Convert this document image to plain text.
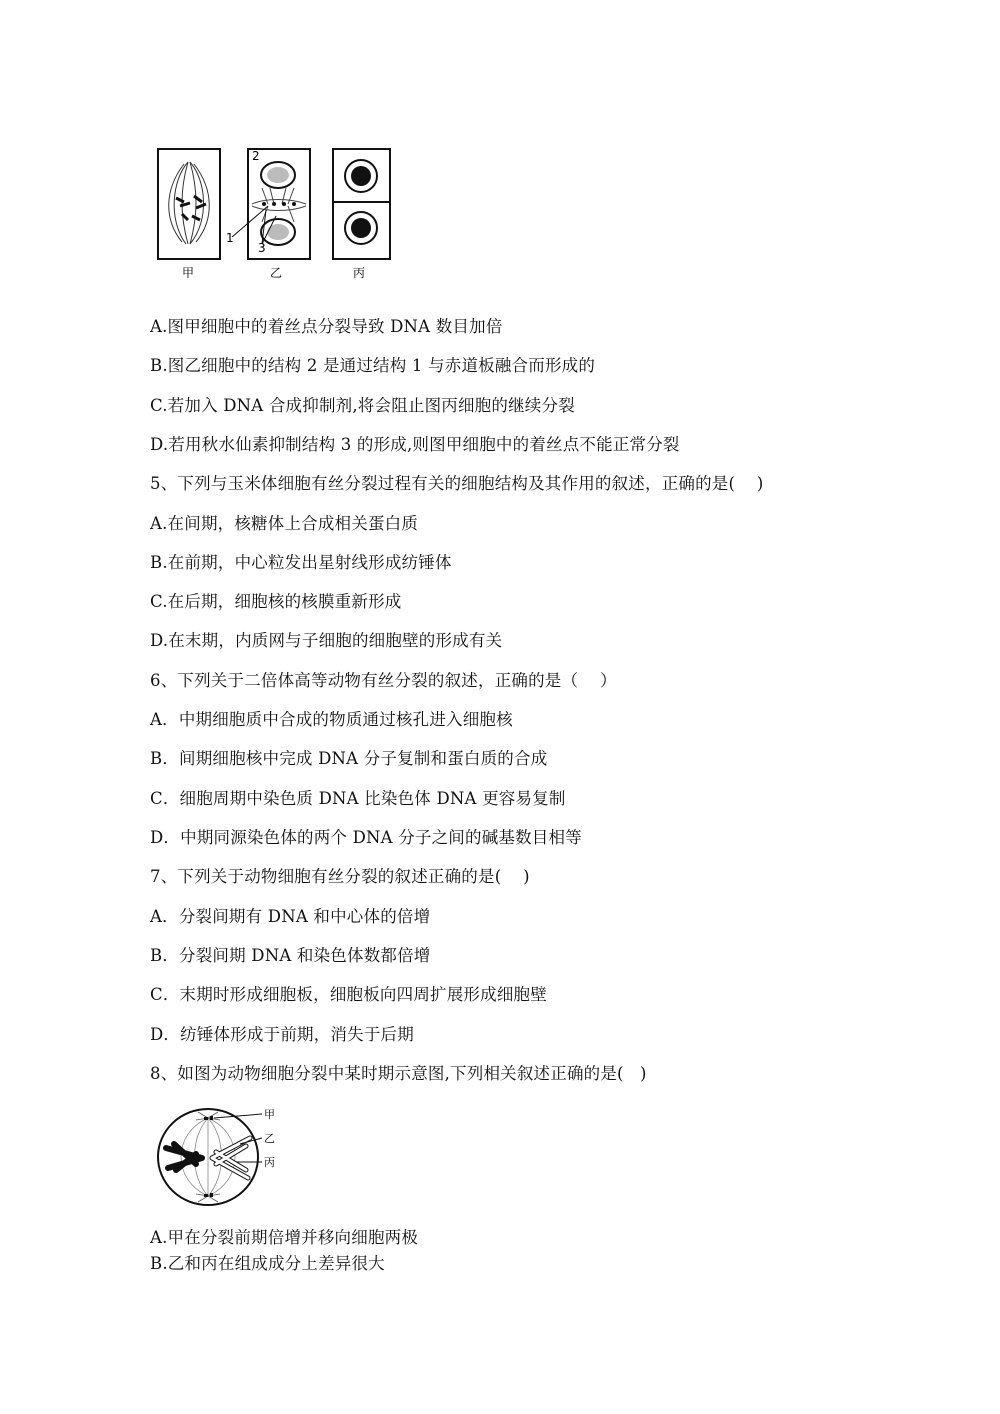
2
1
3
甲	乙	丙
A.图甲细胞中的着丝点分裂导致 DNA 数目加倍
B.图乙细胞中的结构 2 是通过结构 1 与赤道板融合而形成的
C.若加入 DNA 合成抑制剂,将会阻止图丙细胞的继续分裂
D.若用秋水仙素抑制结构 3 的形成,则图甲细胞中的着丝点不能正常分裂
5、下列与玉米体细胞有丝分裂过程有关的细胞结构及其作用的叙述，正确的是(    )
A.在间期，核糖体上合成相关蛋白质
B.在前期，中心粒发出星射线形成纺锤体
C.在后期，细胞核的核膜重新形成
D.在末期，内质网与子细胞的细胞壁的形成有关
6、下列关于二倍体高等动物有丝分裂的叙述，正确的是（    ）
A．中期细胞质中合成的物质通过核孔进入细胞核
B．间期细胞核中完成 DNA 分子复制和蛋白质的合成
C．细胞周期中染色质 DNA 比染色体 DNA 更容易复制
D．中期同源染色体的两个 DNA 分子之间的碱基数目相等
7、下列关于动物细胞有丝分裂的叙述正确的是(    )
A．分裂间期有 DNA 和中心体的倍增
B．分裂间期 DNA 和染色体数都倍增
C．末期时形成细胞板，细胞板向四周扩展形成细胞壁
D．纺锤体形成于前期，消失于后期
8、如图为动物细胞分裂中某时期示意图,下列相关叙述正确的是(   )
甲
乙
丙
A.甲在分裂前期倍增并移向细胞两极
B.乙和丙在组成成分上差异很大
